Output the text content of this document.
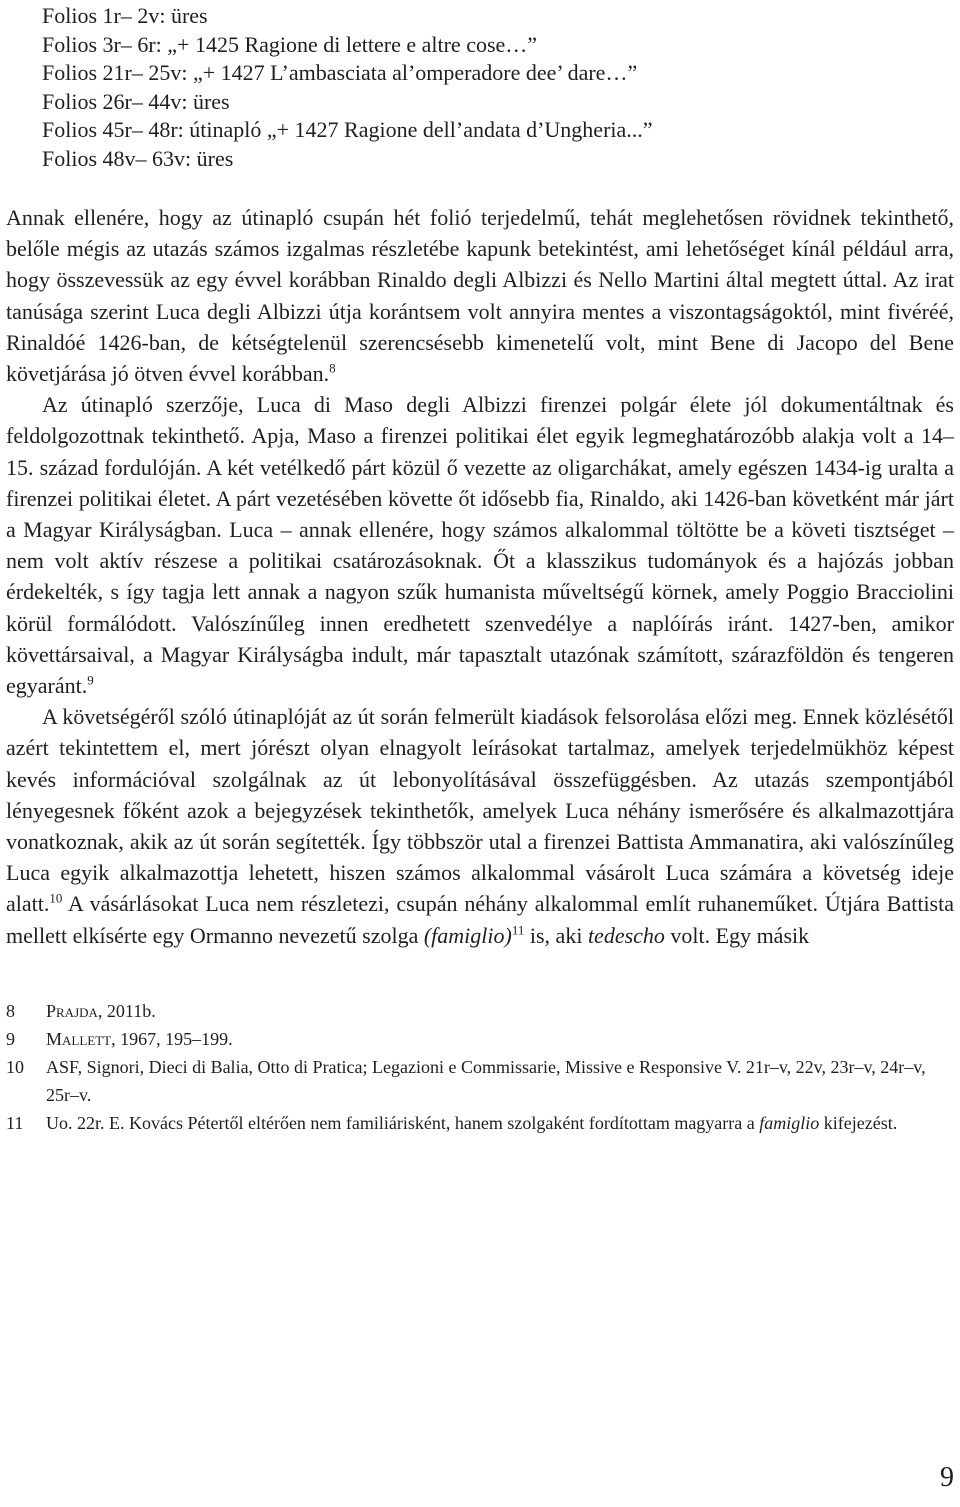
Folios 1r– 2v: üres
Folios 3r– 6r: „+ 1425 Ragione di lettere e altre cose…”
Folios 21r– 25v: „+ 1427 L’ambasciata al’omperadore dee’ dare…”
Folios 26r– 44v: üres
Folios 45r– 48r: útinapló „+ 1427 Ragione dell’andata d’Ungheria...”
Folios 48v– 63v: üres

Annak ellenére, hogy az útinapló csupán hét folió terjedelmű, tehát meglehetősen rövidnek tekinthető, belőle mégis az utazás számos izgalmas részletébe kapunk betekintést, ami lehetőséget kínál például arra, hogy összevessük az egy évvel korábban Rinaldo degli Albizzi és Nello Martini által megtett úttal. Az irat tanúsága szerint Luca degli Albizzi útja korántsem volt annyira mentes a viszontagságoktól, mint fivéréé, Rinaldóé 1426-ban, de kétségtelenül szerencsésebb kimenetelű volt, mint Bene di Jacopo del Bene követjárása jó ötven évvel korábban.$^8$

Az útinapló szerzője, Luca di Maso degli Albizzi firenzei polgár élete jól dokumentáltnak és feldolgozottnak tekinthető. Apja, Maso a firenzei politikai élet egyik legmeghatározóbb alakja volt a 14–15. század fordulóján. A két vetélkedő párt közül ő vezette az oligarchákat, amely egészen 1434-ig uralta a firenzei politikai életet. A párt vezetésében követte őt idősebb fia, Rinaldo, aki 1426-ban követként már járt a Magyar Királyságban. Luca – annak ellenére, hogy számos alkalommal töltötte be a követi tisztséget – nem volt aktív részese a politikai csatározásoknak. Őt a klasszikus tudományok és a hajózás jobban érdekelték, s így tagja lett annak a nagyon szűk humanista műveltségű körnek, amely Poggio Bracciolini körül formálódott. Valószínűleg innen eredhetett szenvedélye a naplóírás iránt. 1427-ben, amikor követtársaival, a Magyar Királyságba indult, már tapasztalt utazónak számított, szárazföldön és tengeren egyaránt.$^9$

A követségéről szóló útinaplóját az út során felmerült kiadások felsorolása előzi meg. Ennek közlésétől azért tekintettem el, mert jórészt olyan elnagyolt leírásokat tartalmaz, amelyek terjedelmükhöz képest kevés információval szolgálnak az út lebonyolításával összefüggésben. Az utazás szempontjából lényegesnek főként azok a bejegyzések tekinthetők, amelyek Luca néhány ismerősére és alkalmazottjára vonatkoznak, akik az út során segítették. Így többször utal a firenzei Battista Ammanatira, aki valószínűleg Luca egyik alkalmazottja lehetett, hiszen számos alkalommal vásárolt Luca számára a követség ideje alatt.$^{10}$ A vásárlásokat Luca nem részletezi, csupán néhány alkalommal említ ruhaneműket. Útjára Battista mellett elkísérte egy Ormanno nevezetű szolga (famiglio)$^{11}$ is, aki tedescho volt. Egy másik

8	Prajda, 2011b.
9	Mallett, 1967, 195–199.
10	ASF, Signori, Dieci di Balia, Otto di Pratica; Legazioni e Commissarie, Missive e Responsive V. 21r–v, 22v, 23r–v, 24r–v, 25r–v.
11	Uo. 22r. E. Kovács Pétertől eltérően nem familiárisként, hanem szolgaként fordítottam magyarra a famiglio kifejezést.
9
